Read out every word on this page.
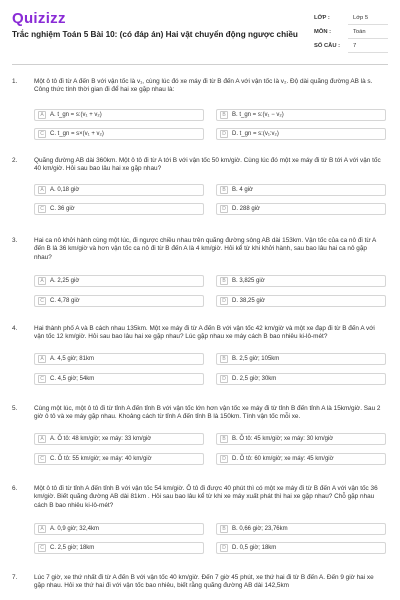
Quizizz
Trắc nghiệm Toán 5 Bài 10: (có đáp án) Hai vật chuyển động ngược chiều
LỚP :	Lớp 5
MÔN :	Toán
SỐ CÂU :	7
1.	Một ô tô đi từ A đến B với vận tốc là v₁, cùng lúc đó xe máy đi từ B đến A với vận tốc là v₂. Độ dài quãng đường AB là s. Công thức tính thời gian đi để hai xe gặp nhau là:
A	A. t_gn = s:(v₁ + v₂)	B	B. t_gn = s:(v₁ − v₂)
C	C. t_gn = s×(v₁ + v₂)	D	D. t_gn = s:(v₁:v₂)
2.	Quãng đường AB dài 360km. Một ô tô đi từ A tới B với vận tốc 50 km/giờ. Cùng lúc đó một xe máy đi từ B tới A với vận tốc 40 km/giờ. Hỏi sau bao lâu hai xe gặp nhau?
A	A. 0,18 giờ	B	B. 4 giờ
C	C. 36 giờ	D	D. 288 giờ
3.	Hai ca nô khởi hành cùng một lúc, đi ngược chiều nhau trên quãng đường sông AB dài 153km. Vận tốc của ca nô đi từ A đến B là 36 km/giờ và hơn vận tốc ca nô đi từ B đến A là 4 km/giờ. Hỏi kể từ khi khởi hành, sau bao lâu hai ca nô gặp nhau?
A	A. 2,25 giờ	B	B. 3,825 giờ
C	C. 4,78 giờ	D	D. 38,25 giờ
4.	Hai thành phố A và B cách nhau 135km. Một xe máy đi từ A đến B với vận tốc 42 km/giờ và một xe đạp đi từ B đến A với vận tốc 12 km/giờ. Hỏi sau bao lâu hai xe gặp nhau? Lúc gặp nhau xe máy cách B bao nhiêu ki-lô-mét?
A	A. 4,5 giờ; 81km	B	B. 2,5 giờ; 105km
C	C. 4,5 giờ; 54km	D	D. 2,5 giờ; 30km
5.	Cùng một lúc, một ô tô đi từ tỉnh A đến tỉnh B với vận tốc lớn hơn vận tốc xe máy đi từ tỉnh B đến tỉnh A là 15km/giờ. Sau 2 giờ ô tô và xe máy gặp nhau. Khoảng cách từ tỉnh A đến tỉnh B là 150km. Tính vận tốc mỗi xe.
A	A. Ô tô: 48 km/giờ; xe máy: 33 km/giờ	B	B. Ô tô: 45 km/giờ; xe máy: 30 km/giờ
C	C. Ô tô: 55 km/giờ; xe máy: 40 km/giờ	D	D. Ô tô: 60 km/giờ; xe máy: 45 km/giờ
6.	Một ô tô đi từ tỉnh A đến tỉnh B với vận tốc 54 km/giờ. Ô tô đi được 40 phút thì có một xe máy đi từ B đến A với vận tốc 36 km/giờ. Biết quãng đường AB dài 81km . Hỏi sau bao lâu kể từ khi xe máy xuất phát thì hai xe gặp nhau? Chỗ gặp nhau cách B bao nhiêu ki-lô-mét?
A	A. 0,9 giờ; 32,4km	B	B. 0,66 giờ; 23,76km
C	C. 2,5 giờ; 18km	D	D. 0,5 giờ; 18km
7.	Lúc 7 giờ, xe thứ nhất đi từ A đến B với vận tốc 40 km/giờ. Đến 7 giờ 45 phút, xe thứ hai đi từ B đến A. Đến 9 giờ hai xe gặp nhau. Hỏi xe thứ hai đi với vận tốc bao nhiêu, biết rằng quãng đường AB dài 142,5km
